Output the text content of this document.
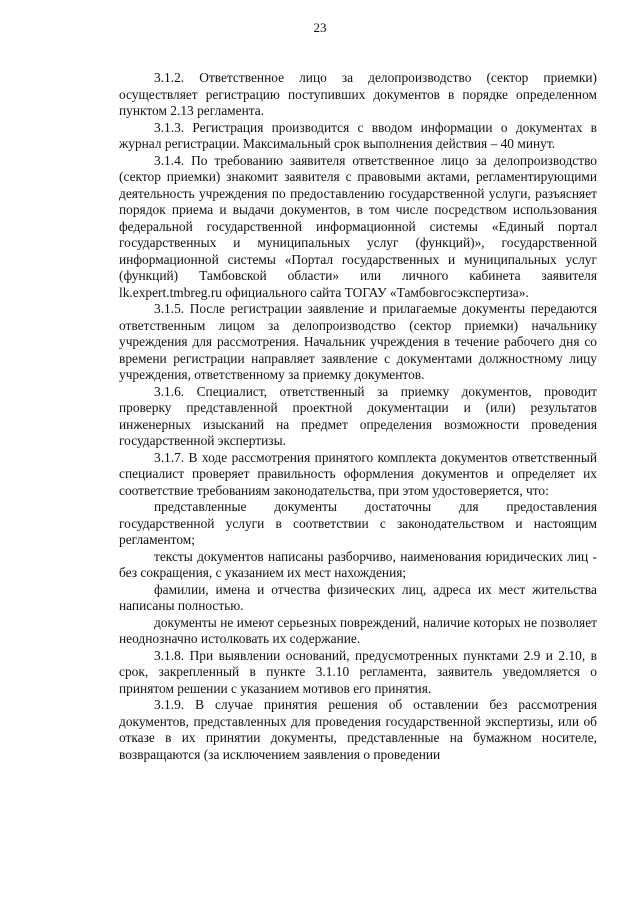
23

3.1.2. Ответственное лицо за делопроизводство (сектор приемки) осуществляет регистрацию поступивших документов в порядке определенном пунктом 2.13 регламента.

3.1.3. Регистрация производится с вводом информации о документах в журнал регистрации. Максимальный срок выполнения действия – 40 минут.

3.1.4. По требованию заявителя ответственное лицо за делопроизводство (сектор приемки) знакомит заявителя с правовыми актами, регламентирующими деятельность учреждения по предоставлению государственной услуги, разъясняет порядок приема и выдачи документов, в том числе посредством использования федеральной государственной информационной системы «Единый портал государственных и муниципальных услуг (функций)», государственной информационной системы «Портал государственных и муниципальных услуг (функций) Тамбовской области» или личного кабинета заявителя lk.expert.tmbreg.ru официального сайта ТОГАУ «Тамбовгосэкспертиза».

3.1.5. После регистрации заявление и прилагаемые документы передаются ответственным лицом за делопроизводство (сектор приемки) начальнику учреждения для рассмотрения. Начальник учреждения в течение рабочего дня со времени регистрации направляет заявление с документами должностному лицу учреждения, ответственному за приемку документов.

3.1.6. Специалист, ответственный за приемку документов, проводит проверку представленной проектной документации и (или) результатов инженерных изысканий на предмет определения возможности проведения государственной экспертизы.

3.1.7. В ходе рассмотрения принятого комплекта документов ответственный специалист проверяет правильность оформления документов и определяет их соответствие требованиям законодательства, при этом удостоверяется, что:

представленные документы достаточны для предоставления государственной услуги в соответствии с законодательством и настоящим регламентом;

тексты документов написаны разборчиво, наименования юридических лиц - без сокращения, с указанием их мест нахождения;

фамилии, имена и отчества физических лиц, адреса их мест жительства написаны полностью.

документы не имеют серьезных повреждений, наличие которых не позволяет неоднозначно истолковать их содержание.

3.1.8. При выявлении оснований, предусмотренных пунктами 2.9 и 2.10, в срок, закрепленный в пункте 3.1.10 регламента, заявитель уведомляется о принятом решении с указанием мотивов его принятия.

3.1.9. В случае принятия решения об оставлении без рассмотрения документов, представленных для проведения государственной экспертизы, или об отказе в их принятии документы, представленные на бумажном носителе, возвращаются (за исключением заявления о проведении
